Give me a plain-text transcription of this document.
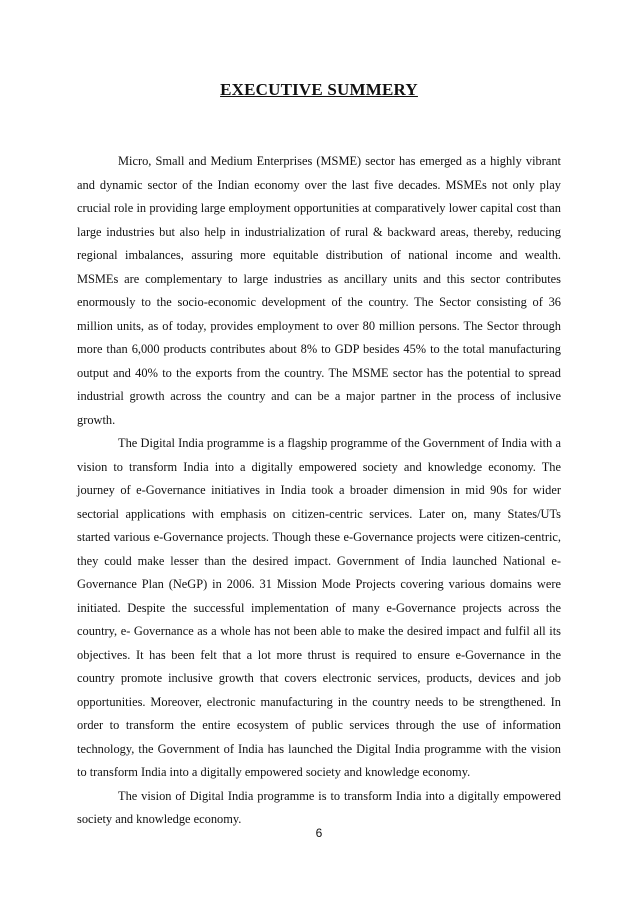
EXECUTIVE SUMMERY

Micro, Small and Medium Enterprises (MSME) sector has emerged as a highly vibrant and dynamic sector of the Indian economy over the last five decades. MSMEs not only play crucial role in providing large employment opportunities at comparatively lower capital cost than large industries but also help in industrialization of rural & backward areas, thereby, reducing regional imbalances, assuring more equitable distribution of national income and wealth. MSMEs are complementary to large industries as ancillary units and this sector contributes enormously to the socio-economic development of the country. The Sector consisting of 36 million units, as of today, provides employment to over 80 million persons. The Sector through more than 6,000 products contributes about 8% to GDP besides 45% to the total manufacturing output and 40% to the exports from the country. The MSME sector has the potential to spread industrial growth across the country and can be a major partner in the process of inclusive growth.

The Digital India programme is a flagship programme of the Government of India with a vision to transform India into a digitally empowered society and knowledge economy. The journey of e-Governance initiatives in India took a broader dimension in mid 90s for wider sectorial applications with emphasis on citizen-centric services. Later on, many States/UTs started various e-Governance projects. Though these e-Governance projects were citizen-centric, they could make lesser than the desired impact. Government of India launched National e-Governance Plan (NeGP) in 2006. 31 Mission Mode Projects covering various domains were initiated. Despite the successful implementation of many e-Governance projects across the country, e- Governance as a whole has not been able to make the desired impact and fulfil all its objectives. It has been felt that a lot more thrust is required to ensure e-Governance in the country promote inclusive growth that covers electronic services, products, devices and job opportunities. Moreover, electronic manufacturing in the country needs to be strengthened. In order to transform the entire ecosystem of public services through the use of information technology, the Government of India has launched the Digital India programme with the vision to transform India into a digitally empowered society and knowledge economy.

The vision of Digital India programme is to transform India into a digitally empowered society and knowledge economy.

6
